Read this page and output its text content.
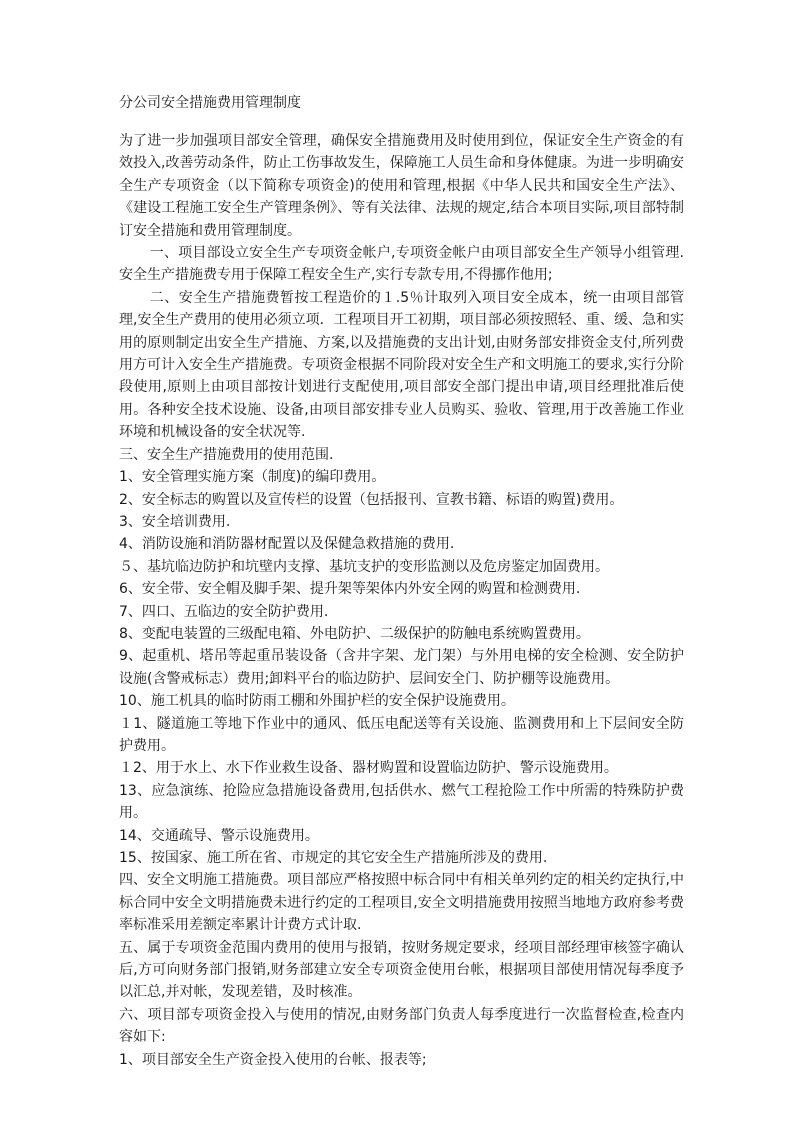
分公司安全措施费用管理制度

为了进一步加强项目部安全管理，确保安全措施费用及时使用到位，保证安全生产资金的有效投入,改善劳动条件，防止工伤事故发生，保障施工人员生命和身体健康。为进一步明确安全生产专项资金（以下简称专项资金)的使用和管理,根据《中华人民共和国安全生产法》、《建设工程施工安全生产管理条例》、等有关法律、法规的规定,结合本项目实际,项目部特制订安全措施和费用管理制度。

一、项目部设立安全生产专项资金帐户,专项资金帐户由项目部安全生产领导小组管理.安全生产措施费专用于保障工程安全生产,实行专款专用,不得挪作他用;

二、安全生产措施费暂按工程造价的１.5％计取列入项目安全成本，统一由项目部管理,安全生产费用的使用必须立项．工程项目开工初期，项目部必须按照轻、重、缓、急和实用的原则制定出安全生产措施、方案,以及措施费的支出计划,由财务部安排资金支付,所列费用方可计入安全生产措施费。专项资金根据不同阶段对安全生产和文明施工的要求,实行分阶段使用,原则上由项目部按计划进行支配使用,项目部安全部门提出申请,项目经理批准后使用。各种安全技术设施、设备,由项目部安排专业人员购买、验收、管理,用于改善施工作业环境和机械设备的安全状况等.

三、安全生产措施费用的使用范围.

1、安全管理实施方案（制度)的编印费用。

2、安全标志的购置以及宣传栏的设置（包括报刊、宣教书籍、标语的购置)费用。

3、安全培训费用.

4、消防设施和消防器材配置以及保健急救措施的费用.

５、基坑临边防护和坑壁内支撑、基坑支护的变形监测以及危房鉴定加固费用。

6、安全带、安全帽及脚手架、提升架等架体内外安全网的购置和检测费用.

7、四口、五临边的安全防护费用.

8、变配电装置的三级配电箱、外电防护、二级保护的防触电系统购置费用。

9、起重机、塔吊等起重吊装设备（含井字架、龙门架）与外用电梯的安全检测、安全防护设施(含警戒标志）费用;卸料平台的临边防护、层间安全门、防护棚等设施费用。

10、施工机具的临时防雨工棚和外围护栏的安全保护设施费用。

１1、隧道施工等地下作业中的通风、低压电配送等有关设施、监测费用和上下层间安全防护费用。

１2、用于水上、水下作业救生设备、器材购置和设置临边防护、警示设施费用。

13、应急演练、抢险应急措施设备费用,包括供水、燃气工程抢险工作中所需的特殊防护费用。

14、交通疏导、警示设施费用。

15、按国家、施工所在省、市规定的其它安全生产措施所涉及的费用.

四、安全文明施工措施费。项目部应严格按照中标合同中有相关单列约定的相关约定执行,中标合同中安全文明措施费未进行约定的工程项目,安全文明措施费用按照当地地方政府参考费率标准采用差额定率累计计费方式计取.

五、属于专项资金范围内费用的使用与报销，按财务规定要求，经项目部经理审核签字确认后,方可向财务部门报销,财务部建立安全专项资金使用台帐，根据项目部使用情况每季度予以汇总,并对帐，发现差错，及时核准。

六、项目部专项资金投入与使用的情况,由财务部门负责人每季度进行一次监督检查,检查内容如下:

1、项目部安全生产资金投入使用的台帐、报表等;
